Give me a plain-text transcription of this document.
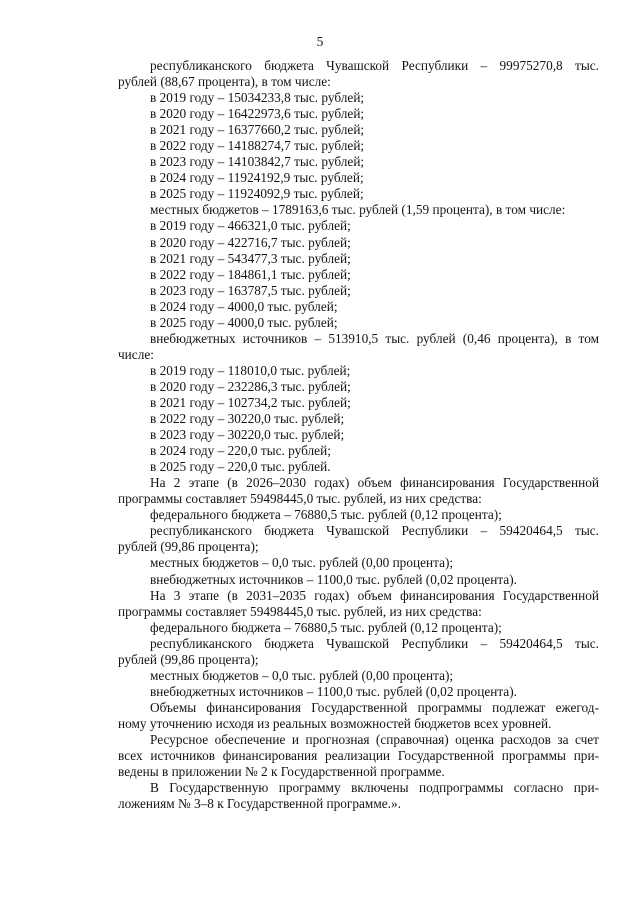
5
республиканского бюджета Чувашской Республики – 99975270,8 тыс.
рублей (88,67 процента), в том числе:
в 2019 году – 15034233,8 тыс. рублей;
в 2020 году – 16422973,6 тыс. рублей;
в 2021 году – 16377660,2 тыс. рублей;
в 2022 году – 14188274,7 тыс. рублей;
в 2023 году – 14103842,7 тыс. рублей;
в 2024 году – 11924192,9 тыс. рублей;
в 2025 году – 11924092,9 тыс. рублей;
местных бюджетов – 1789163,6 тыс. рублей (1,59 процента), в том числе:
в 2019 году – 466321,0 тыс. рублей;
в 2020 году – 422716,7 тыс. рублей;
в 2021 году – 543477,3 тыс. рублей;
в 2022 году – 184861,1 тыс. рублей;
в 2023 году – 163787,5 тыс. рублей;
в 2024 году – 4000,0 тыс. рублей;
в 2025 году – 4000,0 тыс. рублей;
внебюджетных источников – 513910,5 тыс. рублей (0,46 процента), в том
числе:
в 2019 году – 118010,0 тыс. рублей;
в 2020 году – 232286,3 тыс. рублей;
в 2021 году – 102734,2 тыс. рублей;
в 2022 году – 30220,0 тыс. рублей;
в 2023 году – 30220,0 тыс. рублей;
в 2024 году – 220,0 тыс. рублей;
в 2025 году – 220,0 тыс. рублей.
На 2 этапе (в 2026–2030 годах) объем финансирования Государственной
программы составляет 59498445,0 тыс. рублей, из них средства:
федерального бюджета – 76880,5 тыс. рублей (0,12 процента);
республиканского бюджета Чувашской Республики – 59420464,5 тыс.
рублей (99,86 процента);
местных бюджетов – 0,0 тыс. рублей (0,00 процента);
внебюджетных источников – 1100,0 тыс. рублей (0,02 процента).
На 3 этапе (в 2031–2035 годах) объем финансирования Государственной
программы составляет 59498445,0 тыс. рублей, из них средства:
федерального бюджета – 76880,5 тыс. рублей (0,12 процента);
республиканского бюджета Чувашской Республики – 59420464,5 тыс.
рублей (99,86 процента);
местных бюджетов – 0,0 тыс. рублей (0,00 процента);
внебюджетных источников – 1100,0 тыс. рублей (0,02 процента).
Объемы финансирования Государственной программы подлежат ежегод-
ному уточнению исходя из реальных возможностей бюджетов всех уровней.
Ресурсное обеспечение и прогнозная (справочная) оценка расходов за счет
всех источников финансирования реализации Государственной программы при-
ведены в приложении № 2 к Государственной программе.
В Государственную программу включены подпрограммы согласно при-
ложениям № 3–8 к Государственной программе.».
